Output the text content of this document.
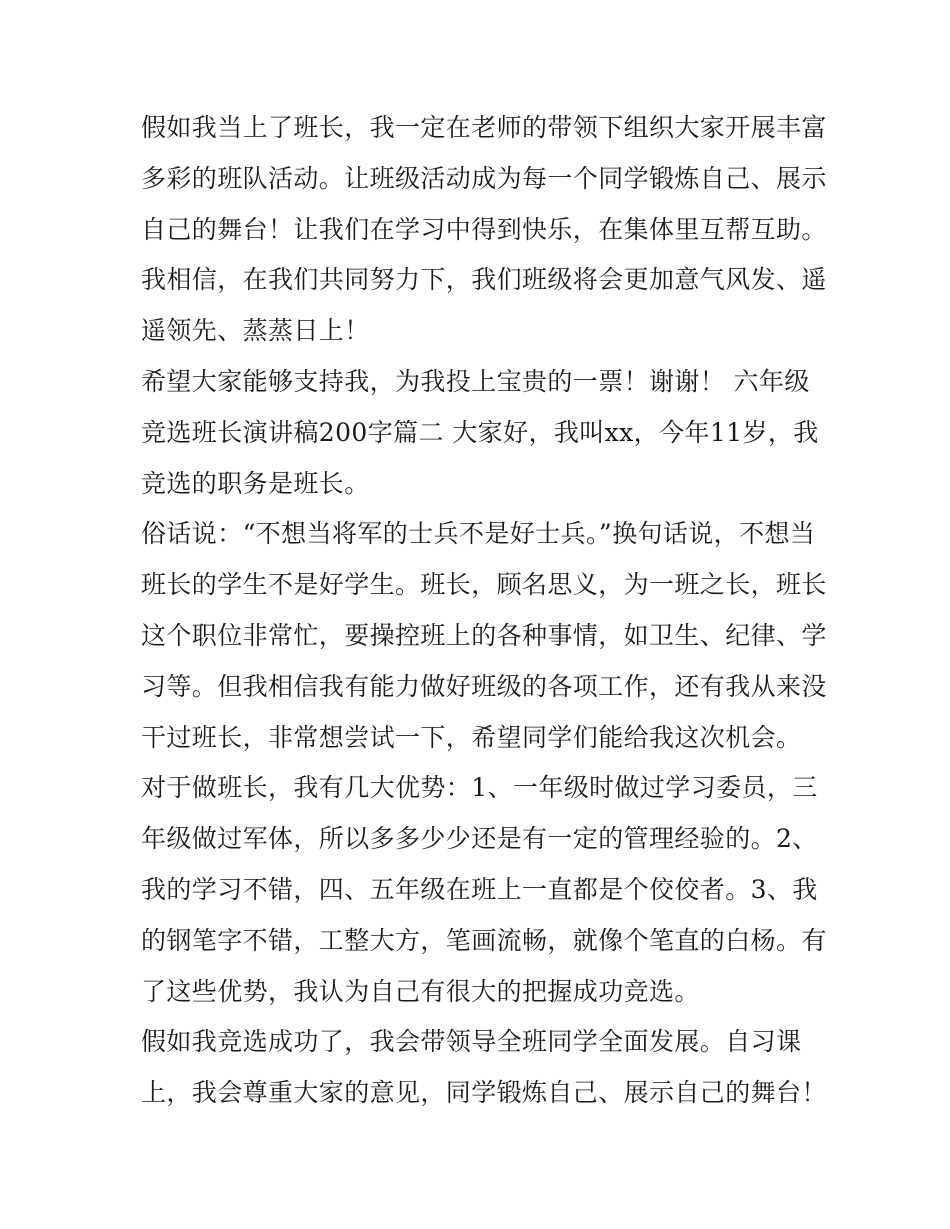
假如我当上了班长，我一定在老师的带领下组织大家开展丰富
多彩的班队活动。让班级活动成为每一个同学锻炼自己、展示
自己的舞台！让我们在学习中得到快乐，在集体里互帮互助。
我相信，在我们共同努力下，我们班级将会更加意气风发、遥
遥领先、蒸蒸日上！
希望大家能够支持我，为我投上宝贵的一票！谢谢！ 六年级
竞选班长演讲稿200字篇二 大家好，我叫xx，今年11岁，我
竞选的职务是班长。
俗话说：“不想当将军的士兵不是好士兵。”换句话说，不想当
班长的学生不是好学生。班长，顾名思义，为一班之长，班长
这个职位非常忙，要操控班上的各种事情，如卫生、纪律、学
习等。但我相信我有能力做好班级的各项工作，还有我从来没
干过班长，非常想尝试一下，希望同学们能给我这次机会。
对于做班长，我有几大优势：1、一年级时做过学习委员，三
年级做过军体，所以多多少少还是有一定的管理经验的。2、
我的学习不错，四、五年级在班上一直都是个佼佼者。3、我
的钢笔字不错，工整大方，笔画流畅，就像个笔直的白杨。有
了这些优势，我认为自己有很大的把握成功竞选。
假如我竞选成功了，我会带领导全班同学全面发展。自习课
上，我会尊重大家的意见，同学锻炼自己、展示自己的舞台！
